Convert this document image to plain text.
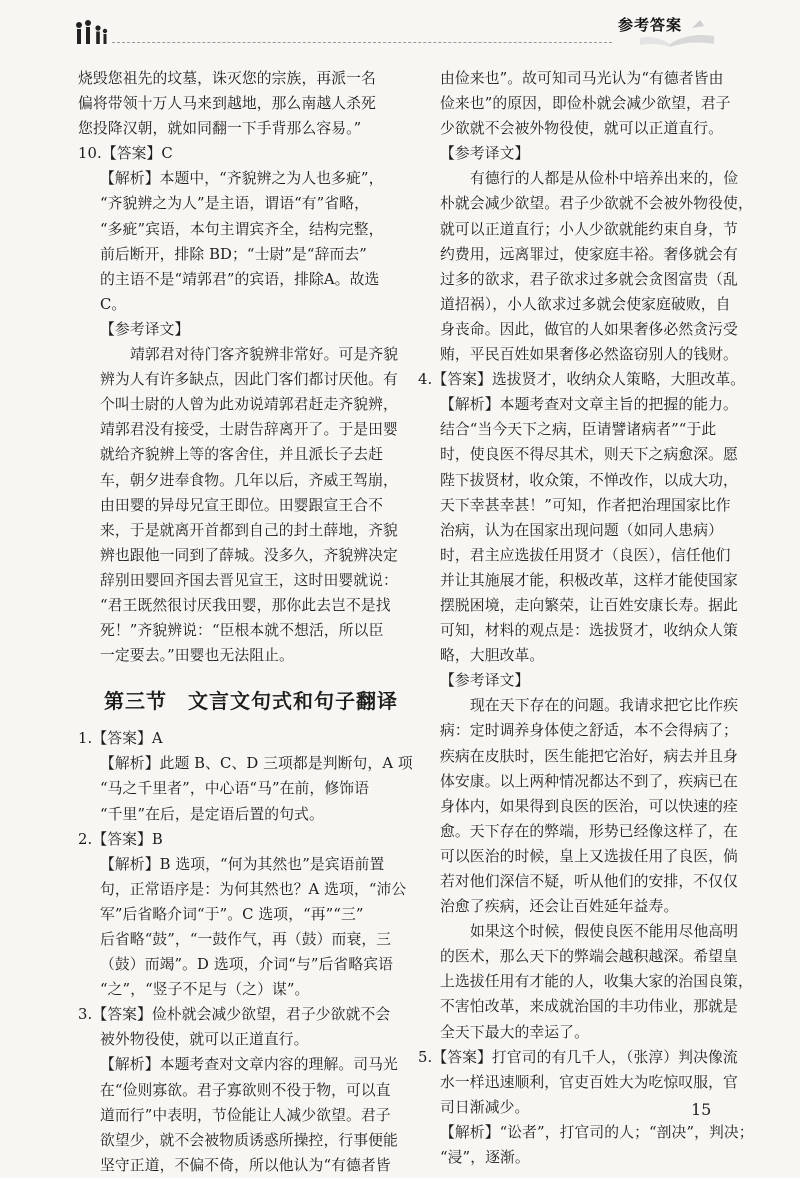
参考答案

烧毁您祖先的坟墓，诛灭您的宗族，再派一名

偏将带领十万人马来到越地，那么南越人杀死

您投降汉朝，就如同翻一下手背那么容易。”

10.【答案】C

【解析】本题中，“齐貌辨之为人也多疵”，

“齐貌辨之为人”是主语，谓语“有”省略，

“多疵”宾语，本句主谓宾齐全，结构完整，

前后断开，排除 BD；“士尉”是“辞而去”

的主语不是“靖郭君”的宾语，排除A。故选

C。

【参考译文】

靖郭君对待门客齐貌辨非常好。可是齐貌

辨为人有许多缺点，因此门客们都讨厌他。有

个叫士尉的人曾为此劝说靖郭君赶走齐貌辨，

靖郭君没有接受，士尉告辞离开了。于是田婴

就给齐貌辨上等的客舍住，并且派长子去赶

车，朝夕进奉食物。几年以后，齐威王驾崩，

由田婴的异母兄宣王即位。田婴跟宣王合不

来，于是就离开首都到自己的封土薛地，齐貌

辨也跟他一同到了薛城。没多久，齐貌辨决定

辞别田婴回齐国去晋见宣王，这时田婴就说：

“君王既然很讨厌我田婴，那你此去岂不是找

死！”齐貌辨说：“臣根本就不想活，所以臣

一定要去。”田婴也无法阻止。

第三节　文言文句式和句子翻译

1.【答案】A

【解析】此题 B、C、D 三项都是判断句，A 项

“马之千里者”，中心语“马”在前，修饰语

“千里”在后，是定语后置的句式。

2.【答案】B

【解析】B 选项，“何为其然也”是宾语前置

句，正常语序是：为何其然也？A 选项，“沛公

军”后省略介词“于”。C 选项，“再”“三”

后省略“鼓”，“一鼓作气，再（鼓）而衰，三

（鼓）而竭”。D 选项，介词“与”后省略宾语

“之”，“竖子不足与（之）谋”。

3.【答案】俭朴就会减少欲望，君子少欲就不会

被外物役使，就可以正道直行。

【解析】本题考查对文章内容的理解。司马光

在“俭则寡欲。君子寡欲则不役于物，可以直

道而行”中表明，节俭能让人减少欲望。君子

欲望少，就不会被物质诱惑所操控，行事便能

坚守正道，不偏不倚，所以他认为“有德者皆

由俭来也”。故可知司马光认为“有德者皆由

俭来也”的原因，即俭朴就会减少欲望，君子

少欲就不会被外物役使，就可以正道直行。

【参考译文】

有德行的人都是从俭朴中培养出来的，俭

朴就会减少欲望。君子少欲就不会被外物役使，

就可以正道直行；小人少欲就能约束自身，节

约费用，远离罪过，使家庭丰裕。奢侈就会有

过多的欲求，君子欲求过多就会贪图富贵（乱

道招祸），小人欲求过多就会使家庭破败，自

身丧命。因此，做官的人如果奢侈必然贪污受

贿，平民百姓如果奢侈必然盗窃别人的钱财。

4.【答案】选拔贤才，收纳众人策略，大胆改革。

【解析】本题考查对文章主旨的把握的能力。

结合“当今天下之病，臣请譬诸病者”“于此

时，使良医不得尽其术，则天下之病愈深。愿

陛下拔贤材，收众策，不惮改作，以成大功，

天下幸甚幸甚！”可知，作者把治理国家比作

治病，认为在国家出现问题（如同人患病）

时，君主应选拔任用贤才（良医），信任他们

并让其施展才能，积极改革，这样才能使国家

摆脱困境，走向繁荣，让百姓安康长寿。据此

可知，材料的观点是：选拔贤才，收纳众人策

略，大胆改革。

【参考译文】

现在天下存在的问题。我请求把它比作疾

病：定时调养身体使之舒适，本不会得病了；

疾病在皮肤时，医生能把它治好，病去并且身

体安康。以上两种情况都达不到了，疾病已在

身体内，如果得到良医的医治，可以快速的痊

愈。天下存在的弊端，形势已经像这样了，在

可以医治的时候，皇上又选拔任用了良医，倘

若对他们深信不疑，听从他们的安排，不仅仅

治愈了疾病，还会让百姓延年益寿。

如果这个时候，假使良医不能用尽他高明

的医术，那么天下的弊端会越积越深。希望皇

上选拔任用有才能的人，收集大家的治国良策，

不害怕改革，来成就治国的丰功伟业，那就是

全天下最大的幸运了。

5.【答案】打官司的有几千人，（张淳）判决像流

水一样迅速顺利，官吏百姓大为吃惊叹服，官

司日渐减少。

【解析】“讼者”，打官司的人；“剖决”，判决；

“浸”，逐渐。

15
